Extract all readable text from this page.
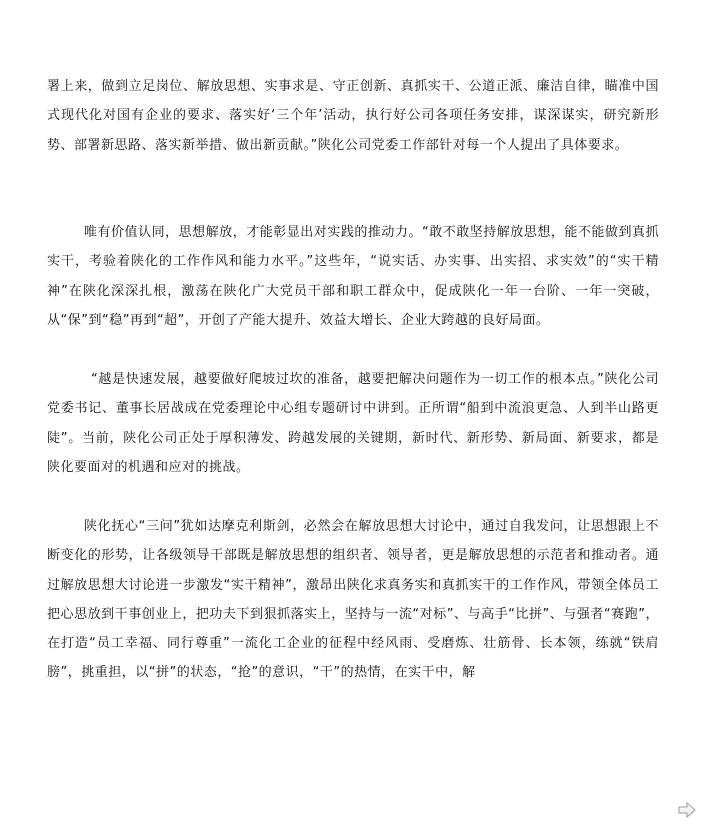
署上来，做到立足岗位、解放思想、实事求是、守正创新、真抓实干、公道正派、廉洁自律，瞄准中国式现代化对国有企业的要求、落实好‘三个年’活动，执行好公司各项任务安排，谋深谋实，研究新形势、部署新思路、落实新举措、做出新贡献。”陕化公司党委工作部针对每一个人提出了具体要求。

唯有价值认同，思想解放，才能彰显出对实践的推动力。“敢不敢坚持解放思想，能不能做到真抓实干，考验着陕化的工作作风和能力水平。”这些年，“说实话、办实事、出实招、求实效”的“实干精神”在陕化深深扎根，激荡在陕化广大党员干部和职工群众中，促成陕化一年一台阶、一年一突破，从“保”到“稳”再到“超”，开创了产能大提升、效益大增长、企业大跨越的良好局面。

“越是快速发展，越要做好爬坡过坎的准备，越要把解决问题作为一切工作的根本点。”陕化公司党委书记、董事长居战成在党委理论中心组专题研讨中讲到。正所谓“船到中流浪更急、人到半山路更陡”。当前，陕化公司正处于厚积薄发、跨越发展的关键期，新时代、新形势、新局面、新要求，都是陕化要面对的机遇和应对的挑战。

陕化抚心“三问”犹如达摩克利斯剑，必然会在解放思想大讨论中，通过自我发问，让思想跟上不断变化的形势，让各级领导干部既是解放思想的组织者、领导者，更是解放思想的示范者和推动者。通过解放思想大讨论进一步激发“实干精神”，激昂出陕化求真务实和真抓实干的工作作风，带领全体员工把心思放到干事创业上，把功夫下到狠抓落实上，坚持与一流“对标”、与高手“比拼”、与强者“赛跑”，在打造“员工幸福、同行尊重”一流化工企业的征程中经风雨、受磨炼、壮筋骨、长本领，练就“铁肩膀”，挑重担，以“拼”的状态，“抢”的意识，“干”的热情，在实干中，解
